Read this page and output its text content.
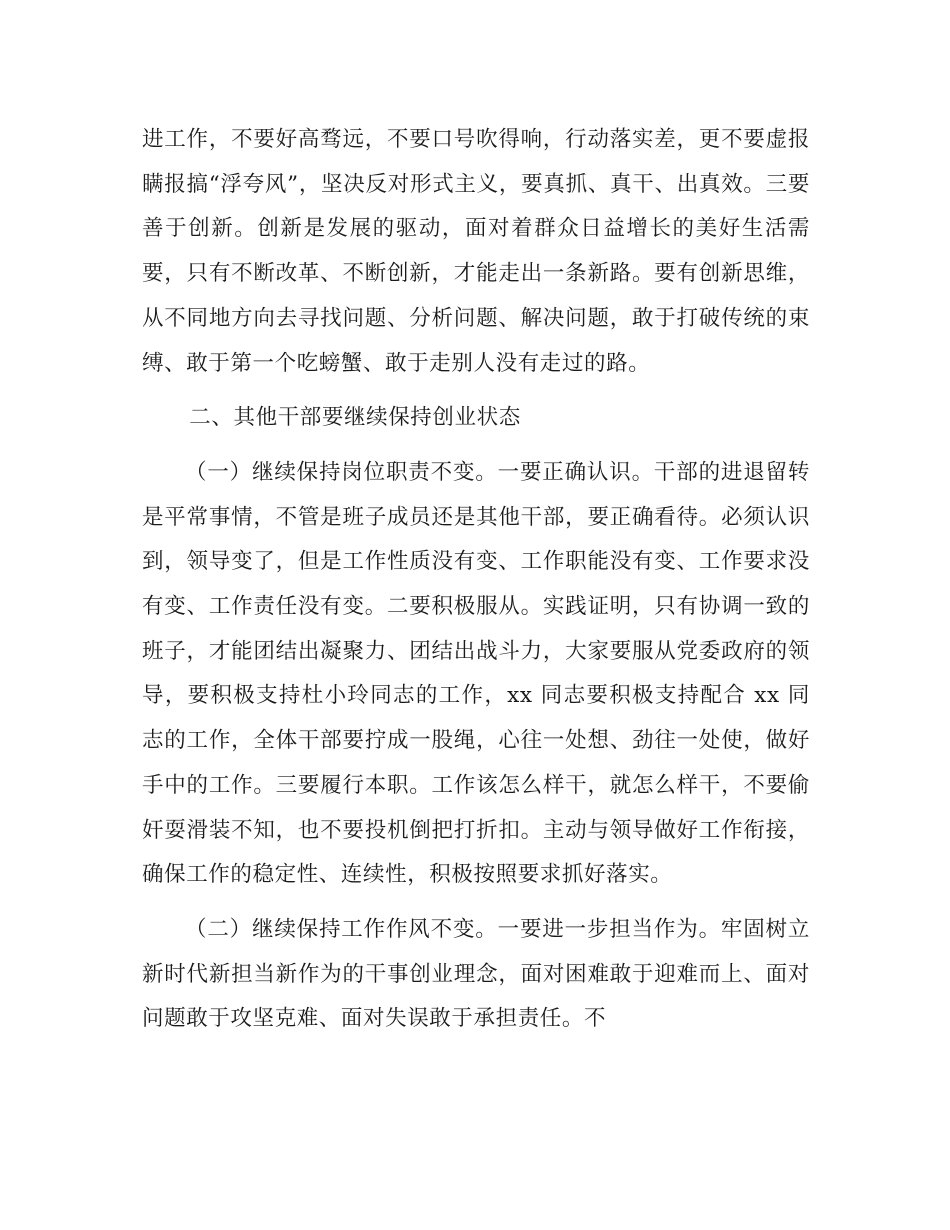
进工作，不要好高骛远，不要口号吹得响，行动落实差，更不要虚报瞒报搞“浮夸风”，坚决反对形式主义，要真抓、真干、出真效。三要善于创新。创新是发展的驱动，面对着群众日益增长的美好生活需要，只有不断改革、不断创新，才能走出一条新路。要有创新思维，从不同地方向去寻找问题、分析问题、解决问题，敢于打破传统的束缚、敢于第一个吃螃蟹、敢于走别人没有走过的路。

二、其他干部要继续保持创业状态

（一）继续保持岗位职责不变。一要正确认识。干部的进退留转是平常事情，不管是班子成员还是其他干部，要正确看待。必须认识到，领导变了，但是工作性质没有变、工作职能没有变、工作要求没有变、工作责任没有变。二要积极服从。实践证明，只有协调一致的班子，才能团结出凝聚力、团结出战斗力，大家要服从党委政府的领导，要积极支持杜小玲同志的工作，xx 同志要积极支持配合 xx 同志的工作，全体干部要拧成一股绳，心往一处想、劲往一处使，做好手中的工作。三要履行本职。工作该怎么样干，就怎么样干，不要偷奸耍滑装不知，也不要投机倒把打折扣。主动与领导做好工作衔接，确保工作的稳定性、连续性，积极按照要求抓好落实。

（二）继续保持工作作风不变。一要进一步担当作为。牢固树立新时代新担当新作为的干事创业理念，面对困难敢于迎难而上、面对问题敢于攻坚克难、面对失误敢于承担责任。不
